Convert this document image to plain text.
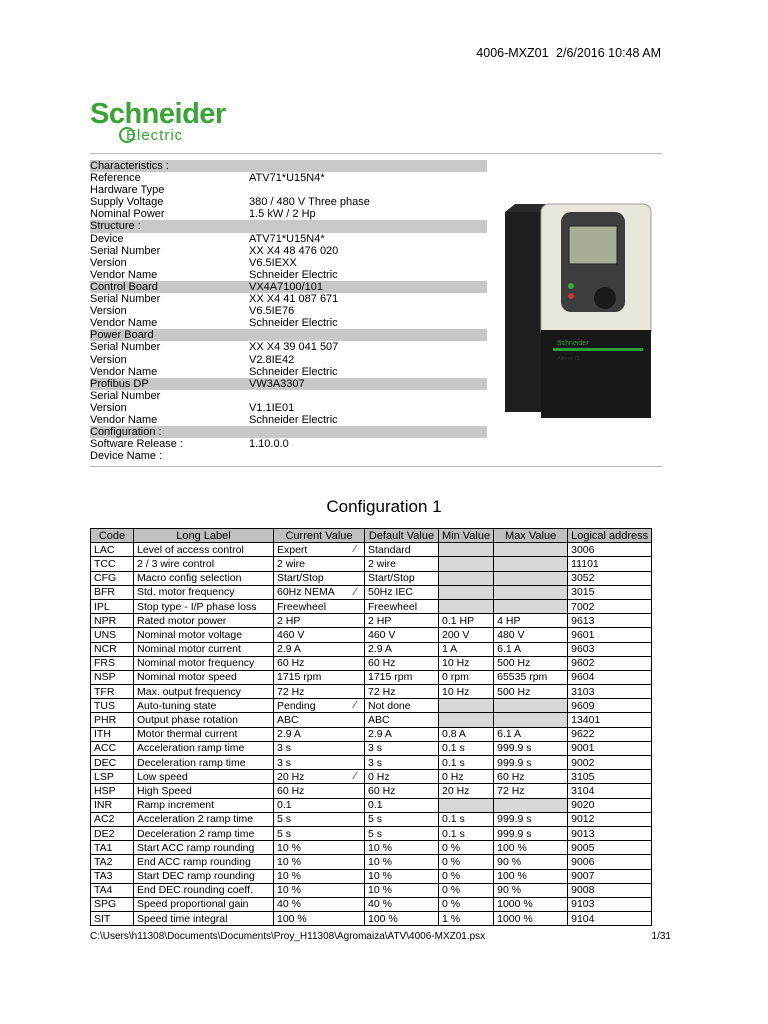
4006-MXZ01 2/6/2016 10:48 AM
Schneider
Electric
Characteristics :
Reference	ATV71*U15N4*
Hardware Type
Supply Voltage	380 / 480 V Three phase
Nominal Power	1.5 kW / 2 Hp
Structure :
Device	ATV71*U15N4*
Serial Number	XX X4 48 476 020
Version	V6.5IEXX
Vendor Name	Schneider Electric
Control Board	VX4A7100/101
Serial Number	XX X4 41 087 671
Version	V6.5IE76
Vendor Name	Schneider Electric
Power Board
Serial Number	XX X4 39 041 507
Version	V2.8IE42
Vendor Name	Schneider Electric
Profibus DP	VW3A3307
Serial Number
Version	V1.1IE01
Vendor Name	Schneider Electric
Configuration :
Software Release :	1.10.0.0
Device Name :
Schneider
Altivar 71
Configuration 1
Code	Long Label	Current Value	Default Value	Min Value	Max Value	Logical address
LAC	Level of access control	Expert ∕	Standard			3006
TCC	2 / 3 wire control	2 wire	2 wire			11101
CFG	Macro config selection	Start/Stop	Start/Stop			3052
BFR	Std. motor frequency	60Hz NEMA ∕	50Hz IEC			3015
IPL	Stop type - I/P phase loss	Freewheel	Freewheel			7002
NPR	Rated motor power	2 HP	2 HP	0.1 HP	4 HP	9613
UNS	Nominal motor voltage	460 V	460 V	200 V	480 V	9601
NCR	Nominal motor current	2.9 A	2.9 A	1 A	6.1 A	9603
FRS	Nominal motor frequency	60 Hz	60 Hz	10 Hz	500 Hz	9602
NSP	Nominal motor speed	1715 rpm	1715 rpm	0 rpm	65535 rpm	9604
TFR	Max. output frequency	72 Hz	72 Hz	10 Hz	500 Hz	3103
TUS	Auto-tuning state	Pending ∕	Not done			9609
PHR	Output phase rotation	ABC	ABC			13401
ITH	Motor thermal current	2.9 A	2.9 A	0.8 A	6.1 A	9622
ACC	Acceleration ramp time	3 s	3 s	0.1 s	999.9 s	9001
DEC	Deceleration ramp time	3 s	3 s	0.1 s	999.9 s	9002
LSP	Low speed	20 Hz ∕	0 Hz	0 Hz	60 Hz	3105
HSP	High Speed	60 Hz	60 Hz	20 Hz	72 Hz	3104
INR	Ramp increment	0.1	0.1			9020
AC2	Acceleration 2 ramp time	5 s	5 s	0.1 s	999.9 s	9012
DE2	Deceleration 2 ramp time	5 s	5 s	0.1 s	999.9 s	9013
TA1	Start ACC ramp rounding	10 %	10 %	0 %	100 %	9005
TA2	End ACC ramp rounding	10 %	10 %	0 %	90 %	9006
TA3	Start DEC ramp rounding	10 %	10 %	0 %	100 %	9007
TA4	End DEC rounding coeff.	10 %	10 %	0 %	90 %	9008
SPG	Speed proportional gain	40 %	40 %	0 %	1000 %	9103
SIT	Speed time integral	100 %	100 %	1 %	1000 %	9104
C:\Users\h11308\Documents\Documents\Proy_H11308\Agromaiza\ATV\4006-MXZ01.psx	1/31
